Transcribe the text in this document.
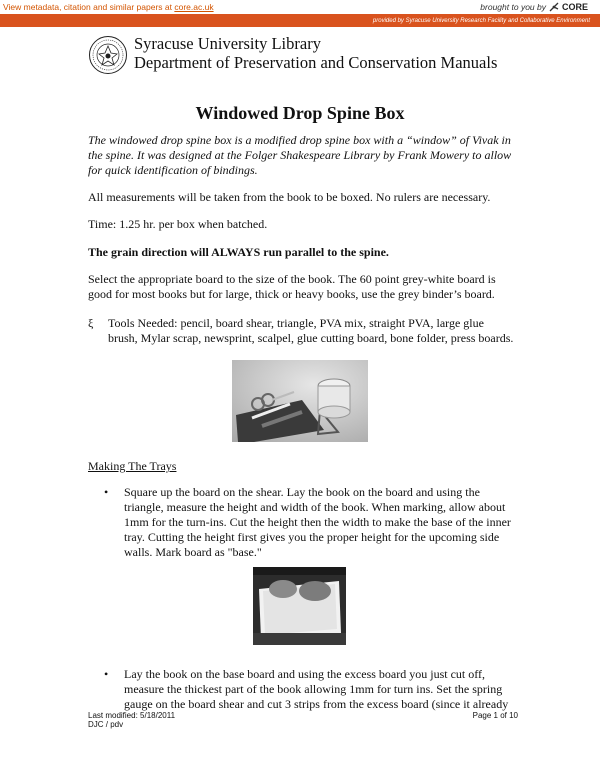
View metadata, citation and similar papers at core.ac.uk	brought to you by CORE
provided by Syracuse University Research Facility and Collaborative Environment
Syracuse University Library
Department of Preservation and Conservation Manuals
Windowed Drop Spine Box
The windowed drop spine box is a modified drop spine box with a “window” of Vivak in the spine. It was designed at the Folger Shakespeare Library by Frank Mowery to allow for quick identification of bindings.
All measurements will be taken from the book to be boxed. No rulers are necessary.
Time: 1.25 hr. per box when batched.
The grain direction will ALWAYS run parallel to the spine.
Select the appropriate board to the size of the book. The 60 point grey-white board is good for most books but for large, thick or heavy books, use the grey binder’s board.
ξ	Tools Needed: pencil, board shear, triangle, PVA mix, straight PVA, large glue brush, Mylar scrap, newsprint, scalpel, glue cutting board, bone folder, press boards.
Making The Trays
•	Square up the board on the shear. Lay the book on the board and using the triangle, measure the height and width of the book. When marking, allow about 1mm for the turn-ins. Cut the height then the width to make the base of the inner tray. Cutting the height first gives you the proper height for the upcoming side walls. Mark board as "base."
•	Lay the book on the base board and using the excess board you just cut off, measure the thickest part of the book allowing 1mm for turn ins. Set the spring gauge on the board shear and cut 3 strips from the excess board (since it already
Last modified: 5/18/2011
DJC / pdv
Page 1 of 10
